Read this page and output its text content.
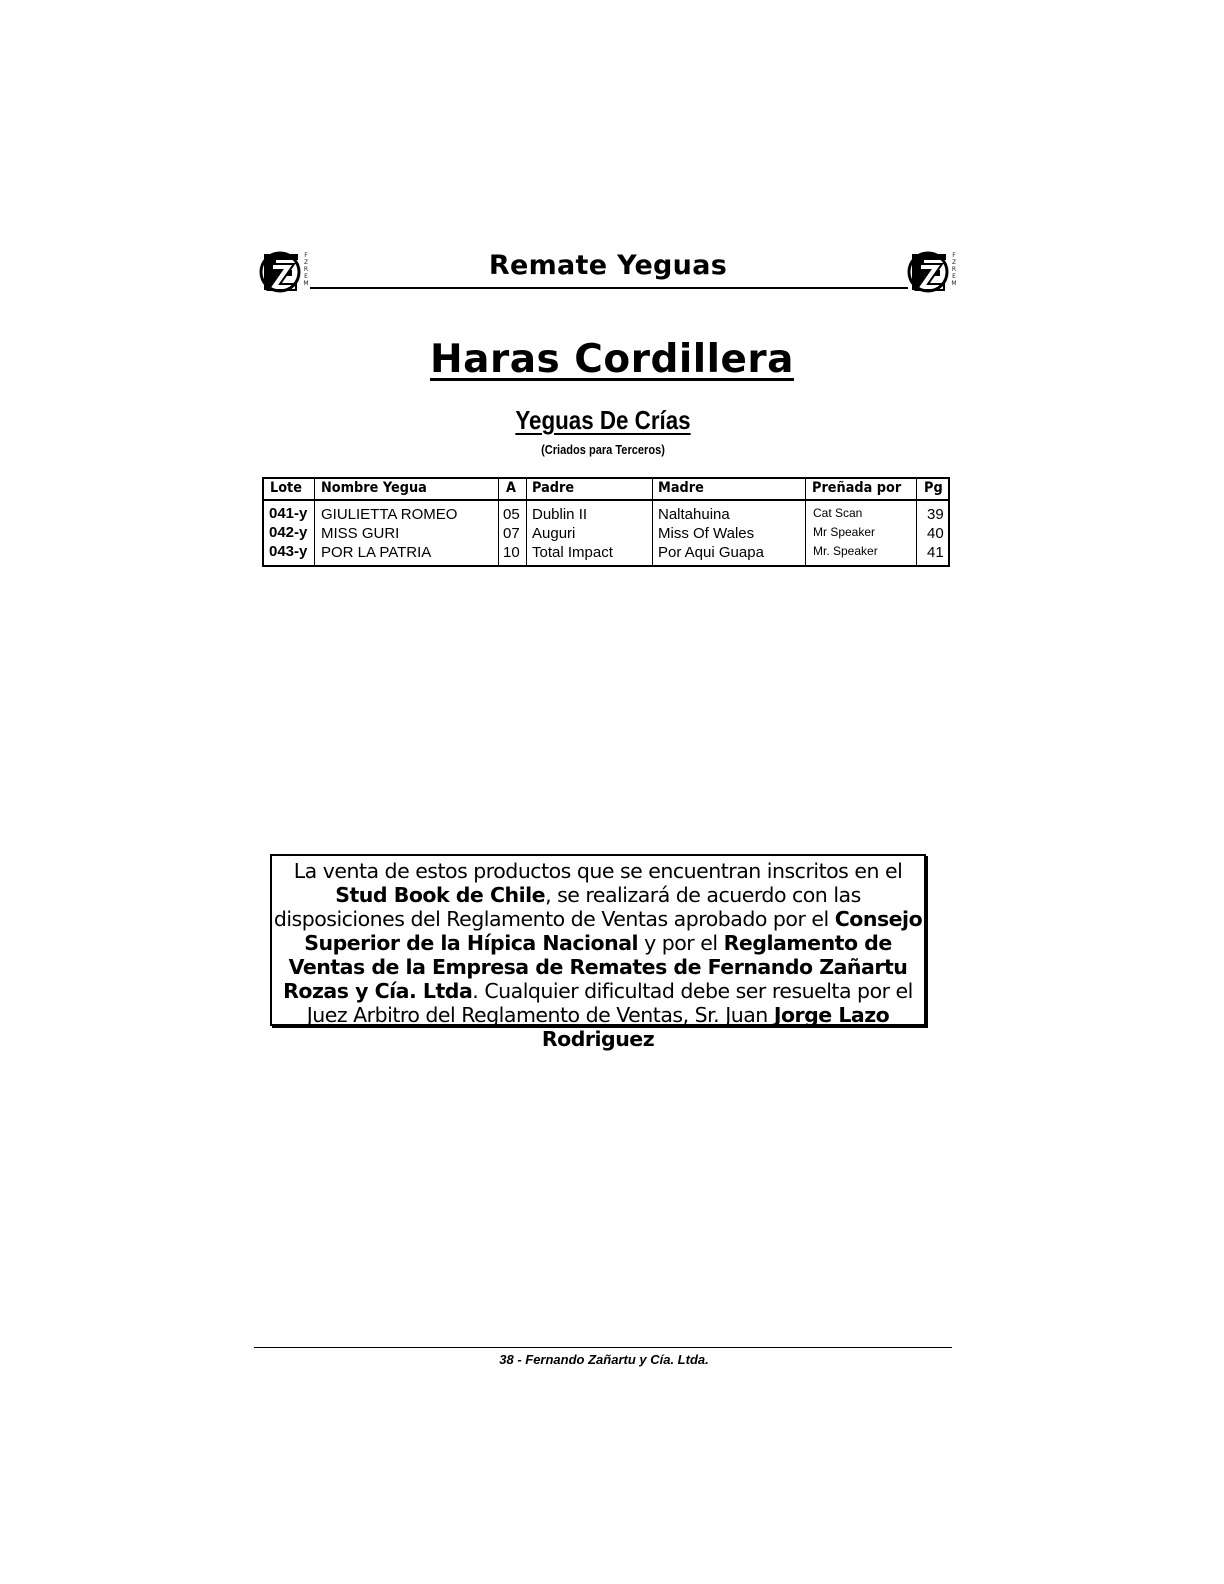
F
Z
R
E
M
Remate Yeguas	F
Z
R
E
M
Haras Cordillera
Yeguas De Crías
(Criados para Terceros)
Lote Nombre Yegua	A Padre	Madre	Preñada por Pg
041-y GIULIETTA ROMEO	05 Dublin II	Naltahuina	Cat Scan	39
042-y MISS GURI	07 Auguri	Miss Of Wales	Mr Speaker	40
043-y POR LA PATRIA	10 Total Impact	Por Aqui Guapa	Mr. Speaker	41

La venta de estos productos que se encuentran inscritos en el Stud Book de Chile, se realizará de acuerdo con las disposiciones del Reglamento de Ventas aprobado por el Consejo Superior de la Hípica Nacional y por el Reglamento de Ventas de la Empresa de Remates de Fernando Zañartu Rozas y Cía. Ltda. Cualquier dificultad debe ser resuelta por el Juez Arbitro del Reglamento de Ventas, Sr. Juan Jorge Lazo Rodriguez

38 - Fernando Zañartu y Cía. Ltda.
